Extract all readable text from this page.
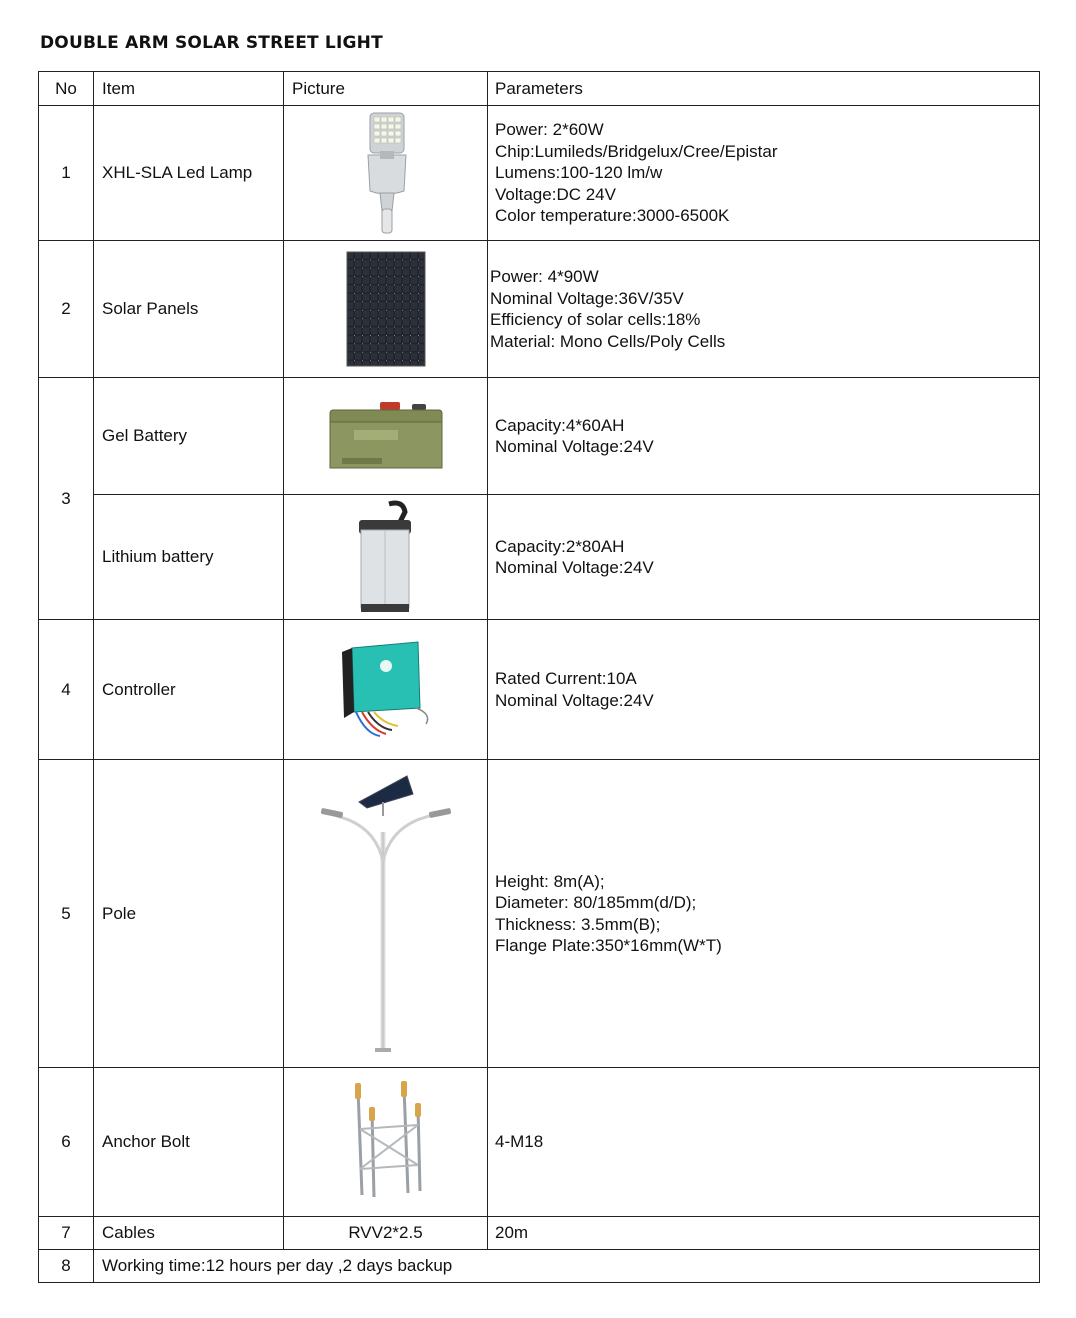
DOUBLE ARM SOLAR STREET LIGHT
No	Item	Picture	Parameters
1	XHL-SLA Led Lamp		Power: 2*60W
Chip:Lumileds/Bridgelux/Cree/Epistar
Lumens:100-120 lm/w
Voltage:DC 24V
Color temperature:3000-6500K

2	Solar Panels		Power: 4*90W
Nominal Voltage:36V/35V
Efficiency of solar cells:18%
Material: Mono Cells/Poly Cells

3	Gel Battery		Capacity:4*60AH
Nominal Voltage:24V

	Lithium battery		Capacity:2*80AH
Nominal Voltage:24V

4	Controller		Rated Current:10A
Nominal Voltage:24V

5	Pole		Height: 8m(A);
Diameter: 80/185mm(d/D);
Thickness: 3.5mm(B);
Flange Plate:350*16mm(W*T)

6	Anchor Bolt		4-M18

7	Cables	RVV2*2.5	20m
8	Working time:12 hours per day ,2 days backup		
